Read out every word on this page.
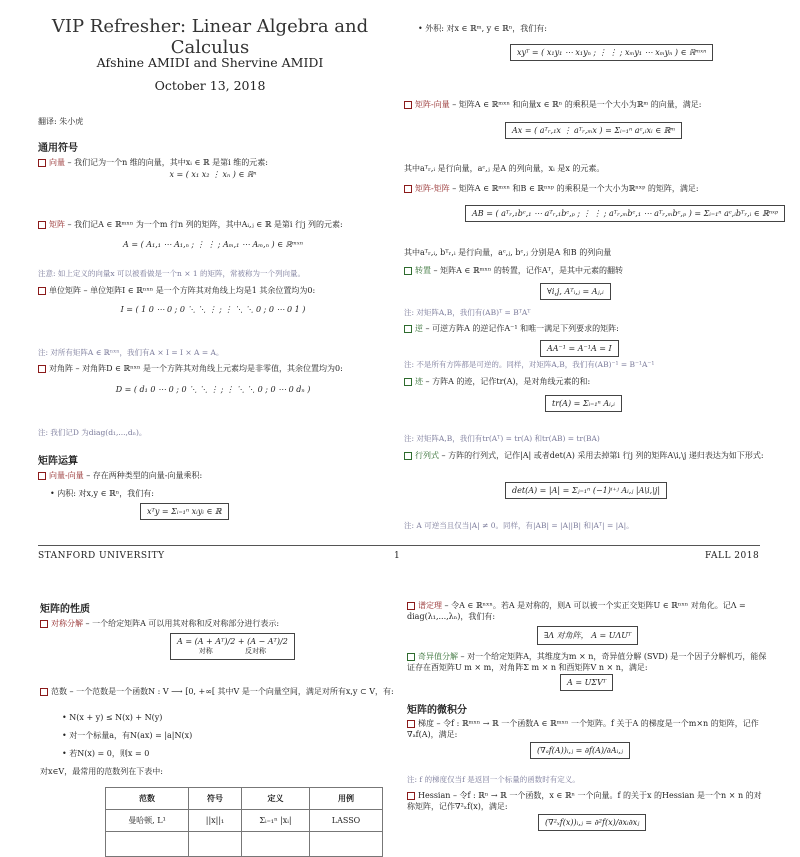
VIP Refresher: Linear Algebra and Calculus
Afshine AMIDI and Shervine AMIDI
October 13, 2018
翻译: 朱小虎
通用符号
向量 – 我们记为一个n 维的向量，其中xᵢ ∈ ℝ 是第i 维的元素:
x = ( x₁ x₂ ⋮ xₙ ) ∈ ℝⁿ
矩阵 – 我们记A ∈ ℝᵐˣⁿ 为一个m 行n 列的矩阵，其中Aᵢ,ⱼ ∈ ℝ 是第i 行j 列的元素:
A = ( A₁,₁ ⋯ A₁,ₙ ; ⋮ ⋮ ; Aₘ,₁ ⋯ Aₘ,ₙ ) ∈ ℝᵐˣⁿ
注意: 如上定义的向量x 可以被看做是一个n × 1 的矩阵，常被称为一个列向量。
单位矩阵 – 单位矩阵I ∈ ℝⁿˣⁿ 是一个方阵其对角线上均是1 其余位置均为0:
I = ( 1 0 ⋯ 0 ; 0 ⋱ ⋱ ⋮ ; ⋮ ⋱ ⋱ 0 ; 0 ⋯ 0 1 )
注: 对所有矩阵A ∈ ℝⁿˣⁿ，我们有A × I = I × A = A。
对角阵 – 对角阵D ∈ ℝⁿˣⁿ 是一个方阵其对角线上元素均是非零值，其余位置均为0:
D = ( d₁ 0 ⋯ 0 ; 0 ⋱ ⋱ ⋮ ; ⋮ ⋱ ⋱ 0 ; 0 ⋯ 0 dₙ )
注: 我们记D 为diag(d₁,...,dₙ)。
矩阵运算
向量-向量 – 存在两种类型的向量-向量乘积:
• 内积: 对x,y ∈ ℝⁿ，我们有:
xᵀy = Σᵢ₌₁ⁿ xᵢyᵢ ∈ ℝ
• 外积: 对x ∈ ℝᵐ, y ∈ ℝⁿ，我们有:
xyᵀ = ( x₁y₁ ⋯ x₁yₙ ; ⋮ ⋮ ; xₘy₁ ⋯ xₘyₙ ) ∈ ℝᵐˣⁿ
矩阵-向量 – 矩阵A ∈ ℝᵐˣⁿ 和向量x ∈ ℝⁿ 的乘积是一个大小为ℝᵐ 的向量，满足:
Ax = ( aᵀᵣ,₁x ⋮ aᵀᵣ,ₘx ) = Σᵢ₌₁ⁿ aᶜ,ᵢxᵢ ∈ ℝᵐ
其中aᵀᵣ,ᵢ 是行向量，aᶜ,ⱼ 是A 的列向量，xᵢ 是x 的元素。
矩阵-矩阵 – 矩阵A ∈ ℝᵐˣⁿ 和B ∈ ℝⁿˣᵖ 的乘积是一个大小为ℝⁿˣᵖ 的矩阵，满足:
AB = ( aᵀᵣ,₁bᶜ,₁ ⋯ aᵀᵣ,₁bᶜ,ₚ ; ⋮ ⋮ ; aᵀᵣ,ₘbᶜ,₁ ⋯ aᵀᵣ,ₘbᶜ,ₚ ) = Σᵢ₌₁ⁿ aᶜ,ᵢbᵀᵣ,ᵢ ∈ ℝⁿˣᵖ
其中aᵀᵣ,ᵢ, bᵀᵣ,ᵢ 是行向量，aᶜ,ⱼ, bᶜ,ⱼ 分别是A 和B 的列向量
转置 – 矩阵A ∈ ℝᵐˣⁿ 的转置，记作Aᵀ，是其中元素的翻转
∀i,j, Aᵀᵢ,ⱼ = Aⱼ,ᵢ
注: 对矩阵A,B，我们有(AB)ᵀ = BᵀAᵀ
逆 – 可逆方阵A 的逆记作A⁻¹ 和唯一满足下列要求的矩阵:
AA⁻¹ = A⁻¹A = I
注: 不是所有方阵都是可逆的。同样，对矩阵A,B，我们有(AB)⁻¹ = B⁻¹A⁻¹
迹 – 方阵A 的迹，记作tr(A)，是对角线元素的和:
tr(A) = Σᵢ₌₁ⁿ Aᵢ,ᵢ
注: 对矩阵A,B，我们有tr(Aᵀ) = tr(A) 和tr(AB) = tr(BA)
行列式 – 方阵的行列式，记作|A| 或者det(A) 采用去掉第i 行j 列的矩阵A\i,\j 递归表达为如下形式:
det(A) = |A| = Σⱼ₌₁ⁿ (−1)ⁱ⁺ʲ Aᵢ,ⱼ |A\i,\j|
注: A 可逆当且仅当|A| ≠ 0。同样，有|AB| = |A||B| 和|Aᵀ| = |A|。
STANFORD UNIVERSITY	1	FALL 2018
矩阵的性质
对称分解 – 一个给定矩阵A 可以用其对称和反对称部分进行表示:
A = (A + Aᵀ)/2 + (A − Aᵀ)/2
对称	反对称
范数 – 一个范数是一个函数N : V ⟶ [0, +∞[ 其中V 是一个向量空间，满足对所有x,y ⊂ V，有:
• N(x + y) ≤ N(x) + N(y)
• 对一个标量a，有N(ax) = |a|N(x)
• 若N(x) = 0，则x = 0
对x∈V，最常用的范数列在下表中:
范数	符号	定义	用例
曼哈顿, L¹	||x||₁	Σᵢ₌₁ⁿ |xᵢ|	LASSO

谱定理 – 令A ∈ ℝⁿˣⁿ。若A 是对称的，则A 可以被一个实正交矩阵U ∈ ℝⁿˣⁿ 对角化。记Λ = diag(λ₁,...,λₙ)，我们有:
∃Λ 对角阵， A = UΛUᵀ
奇异值分解 – 对一个给定矩阵A，其维度为m × n，奇异值分解 (SVD) 是一个因子分解机巧，能保证存在酉矩阵U m × m，对角阵Σ m × n 和酉矩阵V n × n，满足:
A = UΣVᵀ
矩阵的微积分
梯度 – 令f : ℝᵐˣⁿ → ℝ 一个函数A ∈ ℝᵐˣⁿ 一个矩阵。f 关于A 的梯度是一个m×n 的矩阵，记作∇ₐf(A)，满足:
(∇ₐf(A))ᵢ,ⱼ = ∂f(A)/∂Aᵢ,ⱼ
注: f 的梯度仅当f 是返回一个标量的函数时有定义。
Hessian – 令f : ℝⁿ → ℝ 一个函数，x ∈ ℝⁿ 一个向量。f 的关于x 的Hessian 是一个n × n 的对称矩阵，记作∇²ₓf(x)，满足:
(∇²ₓf(x))ᵢ,ⱼ = ∂²f(x)/∂xᵢ∂xⱼ
